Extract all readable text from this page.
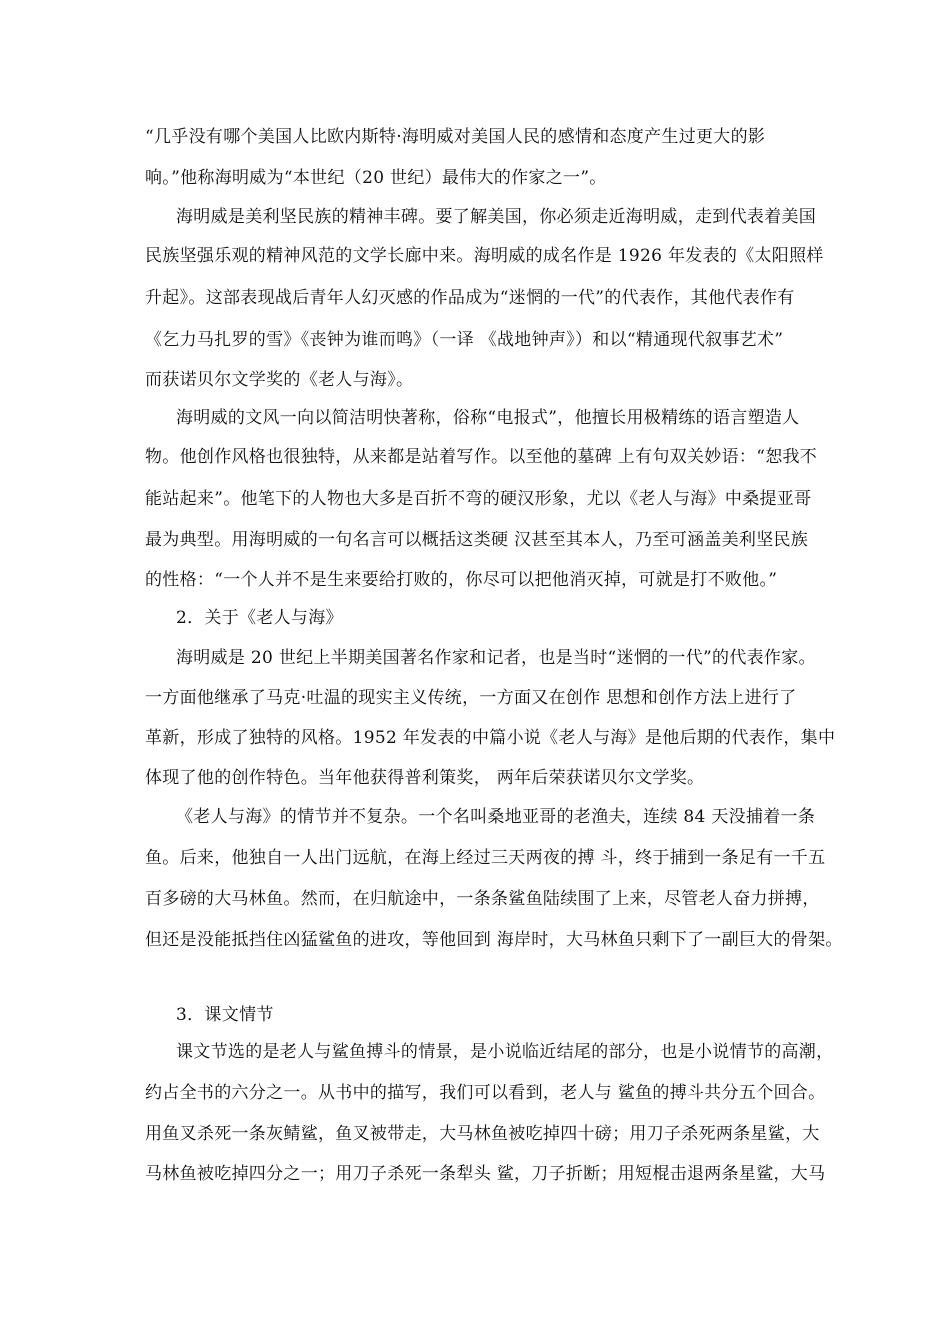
“几乎没有哪个美国人比欧内斯特·海明威对美国人民的感情和态度产生过更大的影
响。”他称海明威为“本世纪（20 世纪）最伟大的作家之一”。
海明威是美利坚民族的精神丰碑。要了解美国，你必须走近海明威，走到代表着美国
民族坚强乐观的精神风范的文学长廊中来。海明威的成名作是 1926 年发表的《太阳照样
升起》。这部表现战后青年人幻灭感的作品成为“迷惘的一代”的代表作，其他代表作有
《乞力马扎罗的雪》《丧钟为谁而鸣》（一译 《战地钟声》）和以“精通现代叙事艺术”
而获诺贝尔文学奖的《老人与海》。
海明威的文风一向以简洁明快著称，俗称“电报式”，他擅长用极精练的语言塑造人
物。他创作风格也很独特，从来都是站着写作。以至他的墓碑 上有句双关妙语：“恕我不
能站起来”。他笔下的人物也大多是百折不弯的硬汉形象，尤以《老人与海》中桑提亚哥
最为典型。用海明威的一句名言可以概括这类硬 汉甚至其本人，乃至可涵盖美利坚民族
的性格：“一个人并不是生来要给打败的，你尽可以把他消灭掉，可就是打不败他。”
2．关于《老人与海》
海明威是 20 世纪上半期美国著名作家和记者，也是当时“迷惘的一代”的代表作家。
一方面他继承了马克·吐温的现实主义传统，一方面又在创作 思想和创作方法上进行了
革新，形成了独特的风格。1952 年发表的中篇小说《老人与海》是他后期的代表作，集中
体现了他的创作特色。当年他获得普利策奖， 两年后荣获诺贝尔文学奖。
《老人与海》的情节并不复杂。一个名叫桑地亚哥的老渔夫，连续 84 天没捕着一条
鱼。后来，他独自一人出门远航，在海上经过三天两夜的搏 斗，终于捕到一条足有一千五
百多磅的大马林鱼。然而，在归航途中，一条条鲨鱼陆续围了上来，尽管老人奋力拼搏，
但还是没能抵挡住凶猛鲨鱼的进攻，等他回到 海岸时，大马林鱼只剩下了一副巨大的骨架。
3．课文情节
课文节选的是老人与鲨鱼搏斗的情景，是小说临近结尾的部分，也是小说情节的高潮，
约占全书的六分之一。从书中的描写，我们可以看到，老人与 鲨鱼的搏斗共分五个回合。
用鱼叉杀死一条灰鲭鲨，鱼叉被带走，大马林鱼被吃掉四十磅；用刀子杀死两条星鲨，大
马林鱼被吃掉四分之一；用刀子杀死一条犁头 鲨，刀子折断；用短棍击退两条星鲨，大马
